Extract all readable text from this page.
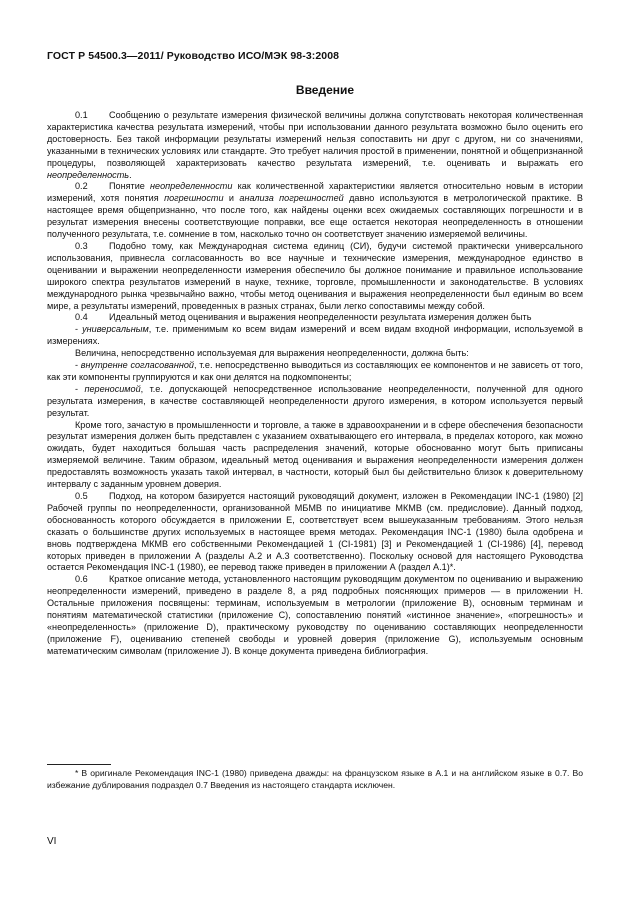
ГОСТ Р 54500.3—2011/ Руководство ИСО/МЭК 98-3:2008
Введение

0.1 Сообщению о результате измерения физической величины должна сопутствовать некоторая количественная характеристика качества результата измерений, чтобы при использовании данного результата возможно было оценить его достоверность. Без такой информации результаты измерений нельзя сопоставить ни друг с другом, ни со значениями, указанными в технических условиях или стандарте. Это требует наличия простой в применении, понятной и общепризнанной процедуры, позволяющей характеризовать качество результата измерений, т.е. оценивать и выражать его неопределенность.

0.2 Понятие неопределенности как количественной характеристики является относительно новым в истории измерений, хотя понятия погрешности и анализа погрешностей давно используются в метрологической практике. В настоящее время общепризнанно, что после того, как найдены оценки всех ожидаемых составляющих погрешности и в результат измерения внесены соответствующие поправки, все еще остается некоторая неопределенность в отношении полученного результата, т.е. сомнение в том, насколько точно он соответствует значению измеряемой величины.

0.3 Подобно тому, как Международная система единиц (СИ), будучи системой практически универсального использования, привнесла согласованность во все научные и технические измерения, международное единство в оценивании и выражении неопределенности измерения обеспечило бы должное понимание и правильное использование широкого спектра результатов измерений в науке, технике, торговле, промышленности и законодательстве. В условиях международного рынка чрезвычайно важно, чтобы метод оценивания и выражения неопределенности был единым во всем мире, а результаты измерений, проведенных в разных странах, были легко сопоставимы между собой.

0.4 Идеальный метод оценивания и выражения неопределенности результата измерения должен быть

- универсальным, т.е. применимым ко всем видам измерений и всем видам входной информации, используемой в измерениях.

Величина, непосредственно используемая для выражения неопределенности, должна быть:

- внутренне согласованной, т.е. непосредственно выводиться из составляющих ее компонентов и не зависеть от того, как эти компоненты группируются и как они делятся на подкомпоненты;

- переносимой, т.е. допускающей непосредственное использование неопределенности, полученной для одного результата измерения, в качестве составляющей неопределенности другого измерения, в котором используется первый результат.

Кроме того, зачастую в промышленности и торговле, а также в здравоохранении и в сфере обеспечения безопасности результат измерения должен быть представлен с указанием охватывающего его интервала, в пределах которого, как можно ожидать, будет находиться большая часть распределения значений, которые обоснованно могут быть приписаны измеряемой величине. Таким образом, идеальный метод оценивания и выражения неопределенности измерения должен предоставлять возможность указать такой интервал, в частности, который был бы действительно близок к доверительному интервалу с заданным уровнем доверия.

0.5 Подход, на котором базируется настоящий руководящий документ, изложен в Рекомендации INC-1 (1980) [2] Рабочей группы по неопределенности, организованной МБМВ по инициативе МКМВ (см. предисловие). Данный подход, обоснованность которого обсуждается в приложении Е, соответствует всем вышеуказанным требованиям. Этого нельзя сказать о большинстве других используемых в настоящее время методах. Рекомендация INC-1 (1980) была одобрена и вновь подтверждена МКМВ его собственными Рекомендацией 1 (CI-1981) [3] и Рекомендацией 1 (CI-1986) [4], перевод которых приведен в приложении А (разделы А.2 и А.3 соответственно). Поскольку основой для настоящего Руководства остается Рекомендация INC-1 (1980), ее перевод также приведен в приложении А (раздел А.1)*.

0.6 Краткое описание метода, установленного настоящим руководящим документом по оцениванию и выражению неопределенности измерений, приведено в разделе 8, а ряд подробных поясняющих примеров — в приложении Н. Остальные приложения посвящены: терминам, используемым в метрологии (приложение В), основным терминам и понятиям математической статистики (приложение С), сопоставлению понятий «истинное значение», «погрешность» и «неопределенность» (приложение D), практическому руководству по оцениванию составляющих неопределенности (приложение F), оцениванию степеней свободы и уровней доверия (приложение G), используемым основным математическим символам (приложение J). В конце документа приведена библиография.

* В оригинале Рекомендация INC-1 (1980) приведена дважды: на французском языке в А.1 и на английском языке в 0.7. Во избежание дублирования подраздел 0.7 Введения из настоящего стандарта исключен.

VI
